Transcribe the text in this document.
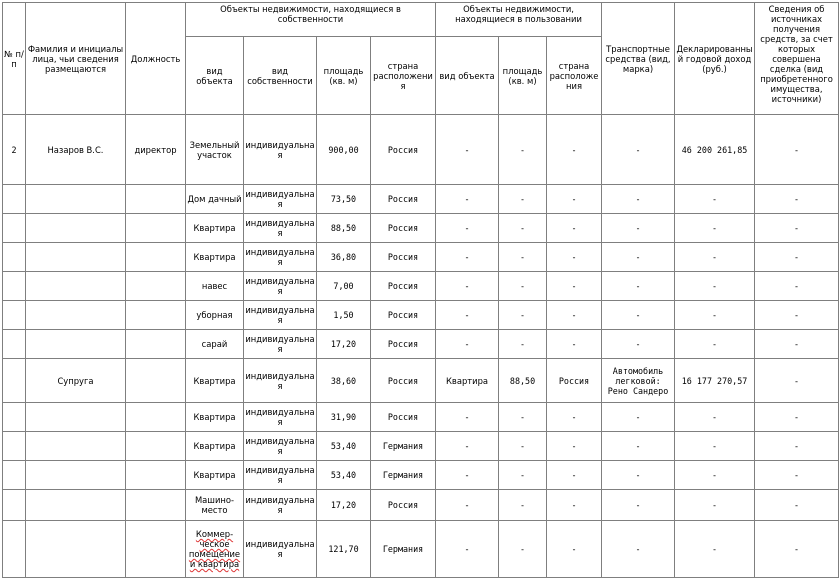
№ п/п	Фамилия и инициалы лица, чьи сведения размещаются	Должность	Объекты недвижимости, находящиеся в собственности				Объекты недвижимости, находящиеся в пользовании			Транспортные средства (вид, марка)	Декларированный годовой доход (руб.)	Сведения об источниках получения средств, за счет которых совершена сделка (вид приобретенного имущества, источники)
			вид объекта	вид собственности	площадь (кв. м)	страна расположения	вид объекта	площадь (кв. м)	страна расположе ния			
2	Назаров В.С.	директор	Земельный участок	индивидуальная	900,00	Россия	-	-	-	-	46 200 261,85	-
			Дом дачный	индивидуальная	73,50	Россия	-	-	-	-	-	-
			Квартира	индивидуальная	88,50	Россия	-	-	-	-	-	-
			Квартира	индивидуальная	36,80	Россия	-	-	-	-	-	-
			навес	индивидуальная	7,00	Россия	-	-	-	-	-	-
			уборная	индивидуальная	1,50	Россия	-	-	-	-	-	-
			сарай	индивидуальная	17,20	Россия	-	-	-	-	-	-
	Супруга		Квартира	индивидуальная	38,60	Россия	Квартира	88,50	Россия	Автомобиль легковой: Рено Сандеро	16 177 270,57	-
			Квартира	индивидуальная	31,90	Россия	-	-	-	-	-	-
			Квартира	индивидуальная	53,40	Германия	-	-	-	-	-	-
			Квартира	индивидуальная	53,40	Германия	-	-	-	-	-	-
			Машино-место	индивидуальная	17,20	Россия	-	-	-	-	-	-
			Коммер-ческое помещение и квартира	индивидуальная	121,70	Германия	-	-	-	-	-	-
